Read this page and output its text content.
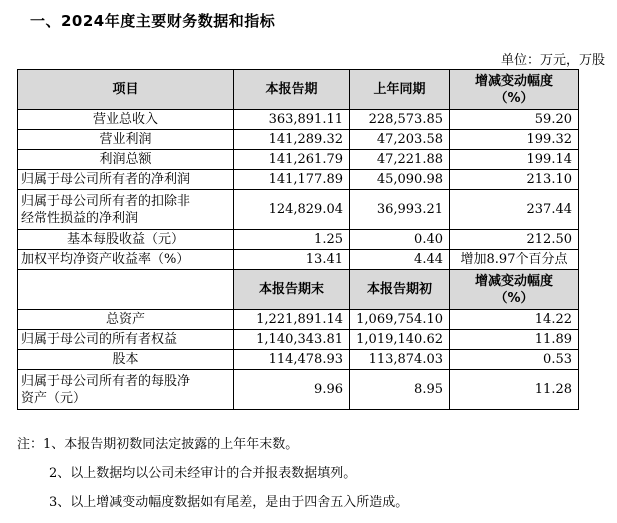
一、2024年度主要财务数据和指标
单位：万元，万股
项目	本报告期	上年同期	增减变动幅度
（%）

营业总收入	363,891.11	228,573.85	59.20
营业利润	141,289.32	47,203.58	199.32
利润总额	141,261.79	47,221.88	199.14
归属于母公司所有者的净利润	141,177.89	45,090.98	213.10

归属于母公司所有者的扣除非
经常性损益的净利润	124,829.04	36,993.21	237.44
基本每股收益（元）	1.25	0.40	212.50
加权平均净资产收益率（%）	13.41	4.44	增加8.97个百分点
	本报告期末	本报告期初	增减变动幅度
（%）

总资产	1,221,891.14	1,069,754.10	14.22
归属于母公司的所有者权益	1,140,343.81	1,019,140.62	11.89
股本	114,478.93	113,874.03	0.53

归属于母公司所有者的每股净
资产（元）	9.96	8.95	11.28
注：1、本报告期初数同法定披露的上年年末数。
2、以上数据均以公司未经审计的合并报表数据填列。
3、以上增减变动幅度数据如有尾差，是由于四舍五入所造成。
